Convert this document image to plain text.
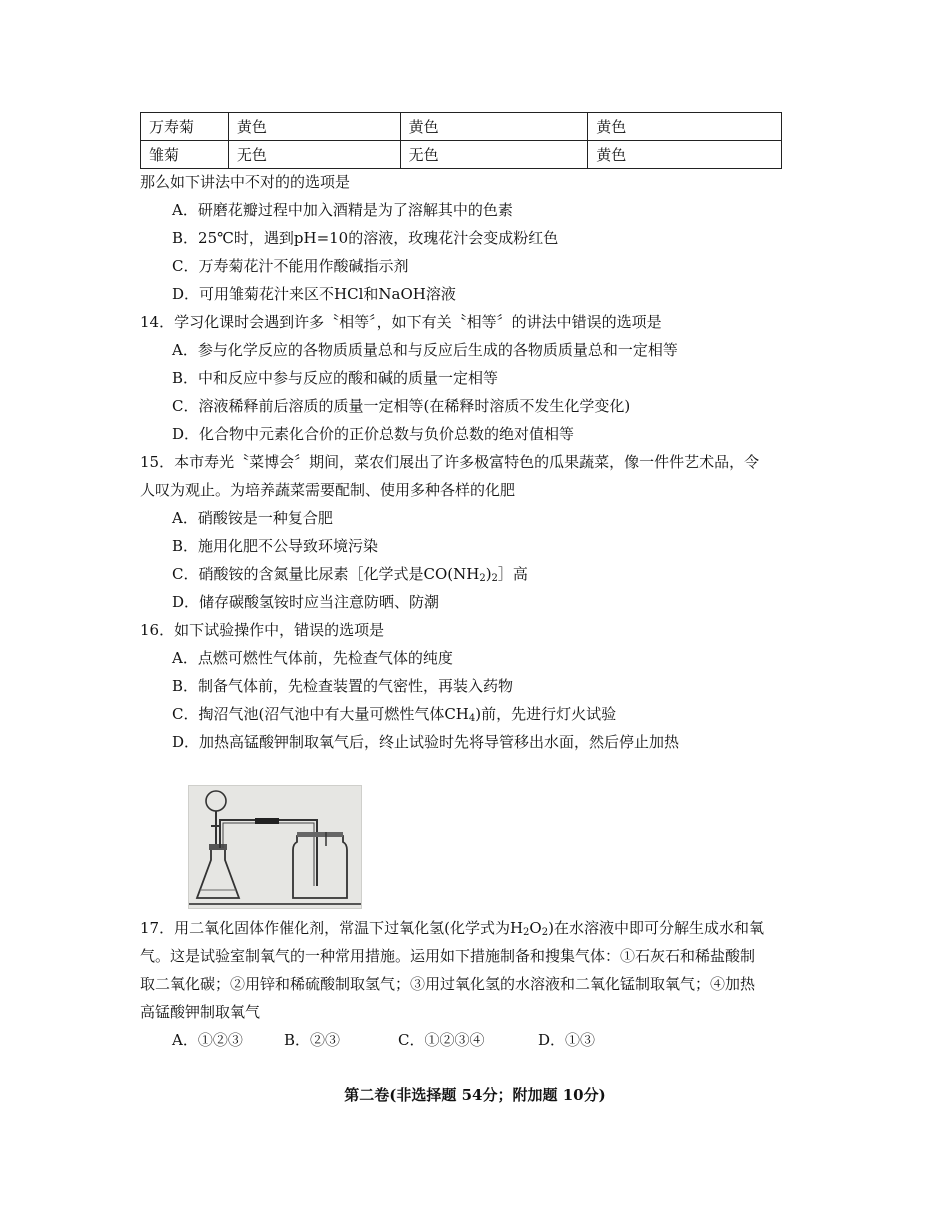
万寿菊	黄色	黄色	黄色
雏菊	无色	无色	黄色
那么如下讲法中不对的的选项是
A．研磨花瓣过程中加入酒精是为了溶解其中的色素
B．25℃时，遇到pH=10的溶液，玫瑰花汁会变成粉红色
C．万寿菊花汁不能用作酸碱指示剂
D．可用雏菊花汁来区不HCl和NaOH溶液
14．学习化课时会遇到许多〝相等〞，如下有关〝相等〞的讲法中错误的选项是
A．参与化学反应的各物质质量总和与反应后生成的各物质质量总和一定相等
B．中和反应中参与反应的酸和碱的质量一定相等
C．溶液稀释前后溶质的质量一定相等(在稀释时溶质不发生化学变化)
D．化合物中元素化合价的正价总数与负价总数的绝对值相等
15．本市寿光〝菜博会〞期间，菜农们展出了许多极富特色的瓜果蔬菜，像一件件艺术品，令
人叹为观止。为培养蔬菜需要配制、使用多种各样的化肥
A．硝酸铵是一种复合肥
B．施用化肥不公导致环境污染
C．硝酸铵的含氮量比尿素［化学式是$CO(NH_2)_2]$高
D．储存碳酸氢铵时应当注意防晒、防潮
16．如下试验操作中，错误的选项是
A．点燃可燃性气体前，先检查气体的纯度
B．制备气体前，先检查装置的气密性，再装入药物
C．掏沼气池(沼气池中有大量可燃性气体$CH_4$)前，先进行灯火试验
D．加热高锰酸钾制取氧气后，终止试验时先将导管移出水面，然后停止加热
17．用二氧化固体作催化剂，常温下过氧化氢(化学式为$H_2O_2$)在水溶液中即可分解生成水和氧
气。这是试验室制氧气的一种常用措施。运用如下措施制备和搜集气体：①石灰石和稀盐酸制
取二氧化碳；②用锌和稀硫酸制取氢气；③用过氧化氢的水溶液和二氧化锰制取氧气；④加热
高锰酸钾制取氧气
A．①②③	B．②③	C．①②③④	D．①③
第二卷(非选择题 54分；附加题 10分)
